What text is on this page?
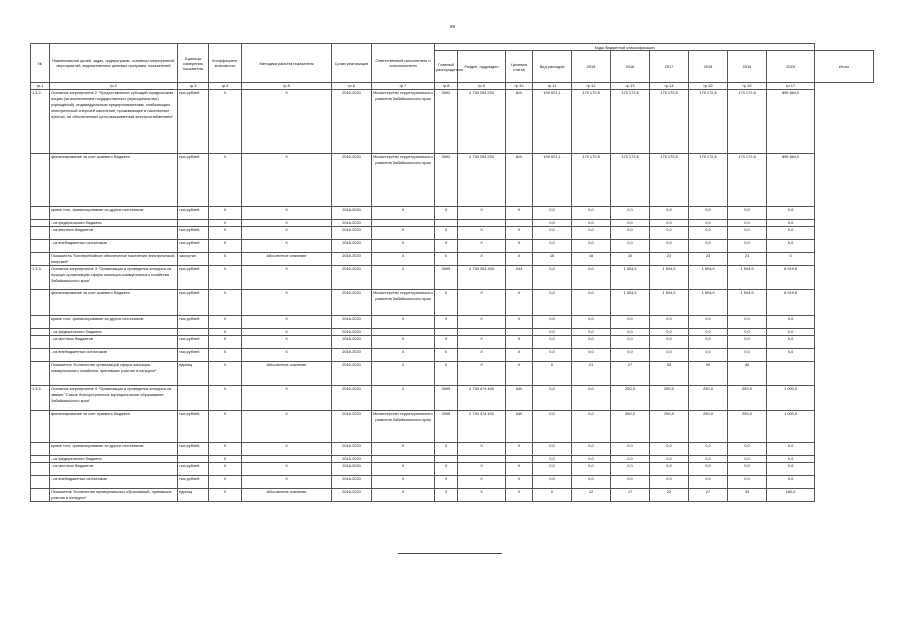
89
№	Наименования целей, задач, подпрограмм, основных мероприятий, мероприятий, ведомственных целевых программ, показателей	Единица измерения показателя	Коэффициент значимости	Методика расчета показателя	Сроки реализации	Ответственный исполнитель и соисполнители	Коды бюджетной классификации										
							Главный распорядитель	Раздел, подраздел	Целевая статья	Вид расходов	2015	2016	2017	2018	2019	2020	Итого
гр.1	гр.2	гр.3	гр.4	гр.5	гр.6	гр.7	гр.8	гр.9	гр.10	гр.11	гр.12	гр.13	гр.14	гр.15	гр.16	гр.17	
1.3.2.	Основное мероприятие 2 "Предоставление субсидий юридическим лицам (за исключением государственных (муниципальных) учреждений), индивидуальным предпринимателям, снабжающим электрической энергией население, проживающее в населенных пунктах, не обеспеченных централизованным электроснабжением"	тыс.рублей	Х	Х	2016-2020	Министерство территориального развития Забайкальского края	0502	2 730 204 200	810	109 921,1	179 172,8	179 172,8	179 172,8	179 172,8	179 172,8	895 864,0	
	финансирование за счет краевого бюджета	тыс.рублей	Х	Х	2016-2020	Министерство территориального развития Забайкальского края	0502	2 730 204 200	810	109 921,1	179 172,8	179 172,8	179 172,8	179 172,8	179 172,8	895 864,0	
	кроме того, финансирование из других источников:	тыс.рублей	Х	Х	2016-2020	Х	Х	Х	Х	0,0	0,0	0,0	0,0	0,0	0,0	0,0	
	- из федерального бюджета		Х	Х	2016-2020					0,0	0,0	0,0	0,0	0,0	0,0	0,0	
	- из местных бюджетов	тыс.рублей	Х	Х	2016-2020	Х	Х	Х	Х	0,0	0,0	0,0	0,0	0,0	0,0	0,0	
	- из внебюджетных источников	тыс.рублей	Х	Х	2016-2020	Х	Х	Х	Х	0,0	0,0	0,0	0,0	0,0	0,0	0,0	
	Показатель "Бесперебойное обеспечение населения электрической энергией"	час/сутки	Х	Абсолютное значение	2016-2020	Х	Х	Х	Х	15	18	20	23	23	23	0	
1.3.3.	Основное мероприятие 3 "Организация и проведение конкурса на лучшую организацию сферы жилищно-коммунального хозяйства Забайкальского края"	тыс.рублей	Х	Х	2016-2020	Х	0505	2 730 304 300	244	0,0	0,0	1 504,9	1 504,9	1 504,9	1 504,9	6 019,6	
	финансирование за счет краевого бюджета	тыс.рублей	Х	Х	2016-2020	Министерство территориального развития Забайкальского края	Х	Х	Х	0,0	0,0	1 504,9	1 504,9	1 504,9	1 504,9	6 019,6	
	кроме того, финансирование из других источников:	тыс.рублей	Х	Х	2016-2020	Х	Х	Х	Х	0,0	0,0	0,0	0,0	0,0	0,0	0,0	
	- из федерального бюджета		Х	Х	2016-2020					0,0	0,0	0,0	0,0	0,0	0,0	0,0	
	- из местных бюджетов	тыс.рублей	Х	Х	2016-2020	Х	Х	Х	Х	0,0	0,0	0,0	0,0	0,0	0,0	0,0	
	- из внебюджетных источников	тыс.рублей	Х	Х	2016-2020	Х	Х	Х	Х	0,0	0,0	0,0	0,0	0,0	0,0	0,0	
	Показатель "Количество организаций сферы жилищно-коммунального хозяйства, принявших участие в конкурсе"	единиц	Х	Абсолютное значение	2016-2020	Х	Х	Х	Х	0	21	27	33	39	45		
1.3.4.	Основное мероприятие 4 "Организация и проведение конкурса на звание "Самое благоустроенное муниципальное образование Забайкальского края"		Х	Х	2016-2020	Х	0505	2 730 474 400	540	0,0	0,0	250,0	250,0	250,0	250,0	1 000,0	
	финансирование за счет краевого бюджета	тыс.рублей	Х	Х	2016-2020	Министерство территориального развития Забайкальского края	0505	2 730 474 400	540	0,0	0,0	250,0	250,0	250,0	250,0	1 000,0	
	кроме того, финансирование из других источников:	тыс.рублей	Х	Х	2016-2020	Х	Х	Х	Х	0,0	0,0	0,0	0,0	0,0	0,0	0,0	
	- из федерального бюджета		Х		2016-2020					0,0	0,0	0,0	0,0	0,0	0,0	0,0	
	- из местных бюджетов	тыс.рублей	Х	Х	2016-2020	Х	Х	Х	Х	0,0	0,0	0,0	0,0	0,0	0,0	0,0	
	- из внебюджетных источников	тыс.рублей	Х	Х	2016-2020	Х	Х	Х	Х	0,0	0,0	0,0	0,0	0,0	0,0	0,0	
	Показатель "Количество муниципальных образований, принявших участие в конкурсе"	единиц	Х	Абсолютное значение	2016-2020	Х	Х	Х	Х	0	12	17	22	27	33	180,0	
